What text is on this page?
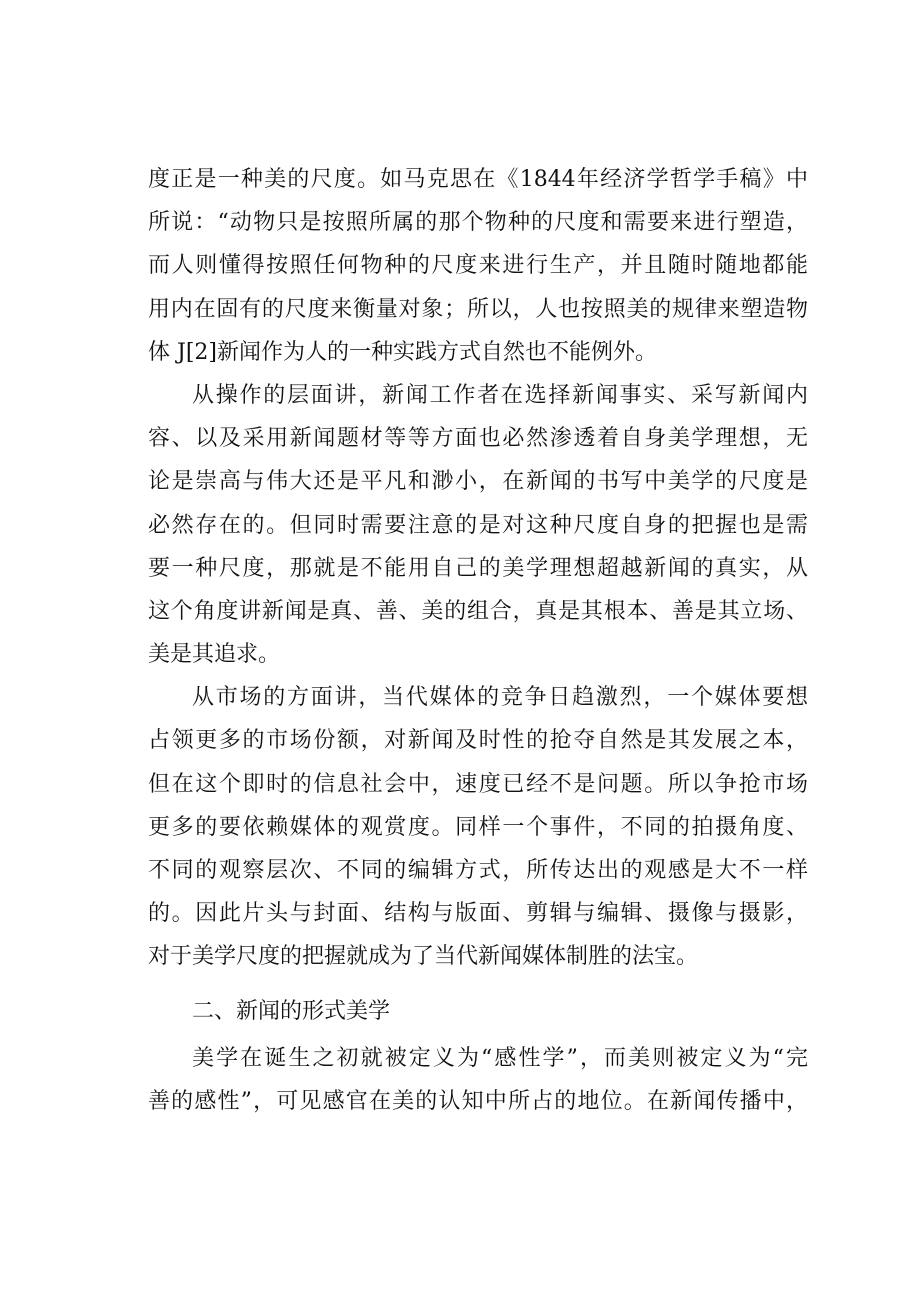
度正是一种美的尺度。如马克思在《1844年经济学哲学手稿》中
所说：“动物只是按照所属的那个物种的尺度和需要来进行塑造，
而人则懂得按照任何物种的尺度来进行生产，并且随时随地都能
用内在固有的尺度来衡量对象；所以，人也按照美的规律来塑造物
体 J[2]新闻作为人的一种实践方式自然也不能例外。
从操作的层面讲，新闻工作者在选择新闻事实、采写新闻内
容、以及采用新闻题材等等方面也必然渗透着自身美学理想，无
论是崇高与伟大还是平凡和渺小，在新闻的书写中美学的尺度是
必然存在的。但同时需要注意的是对这种尺度自身的把握也是需
要一种尺度，那就是不能用自己的美学理想超越新闻的真实，从
这个角度讲新闻是真、善、美的组合，真是其根本、善是其立场、
美是其追求。
从市场的方面讲，当代媒体的竞争日趋激烈，一个媒体要想
占领更多的市场份额，对新闻及时性的抢夺自然是其发展之本，
但在这个即时的信息社会中，速度已经不是问题。所以争抢市场
更多的要依赖媒体的观赏度。同样一个事件，不同的拍摄角度、
不同的观察层次、不同的编辑方式，所传达出的观感是大不一样
的。因此片头与封面、结构与版面、剪辑与编辑、摄像与摄影，
对于美学尺度的把握就成为了当代新闻媒体制胜的法宝。
二、新闻的形式美学
美学在诞生之初就被定义为“感性学”，而美则被定义为“完
善的感性”，可见感官在美的认知中所占的地位。在新闻传播中，
